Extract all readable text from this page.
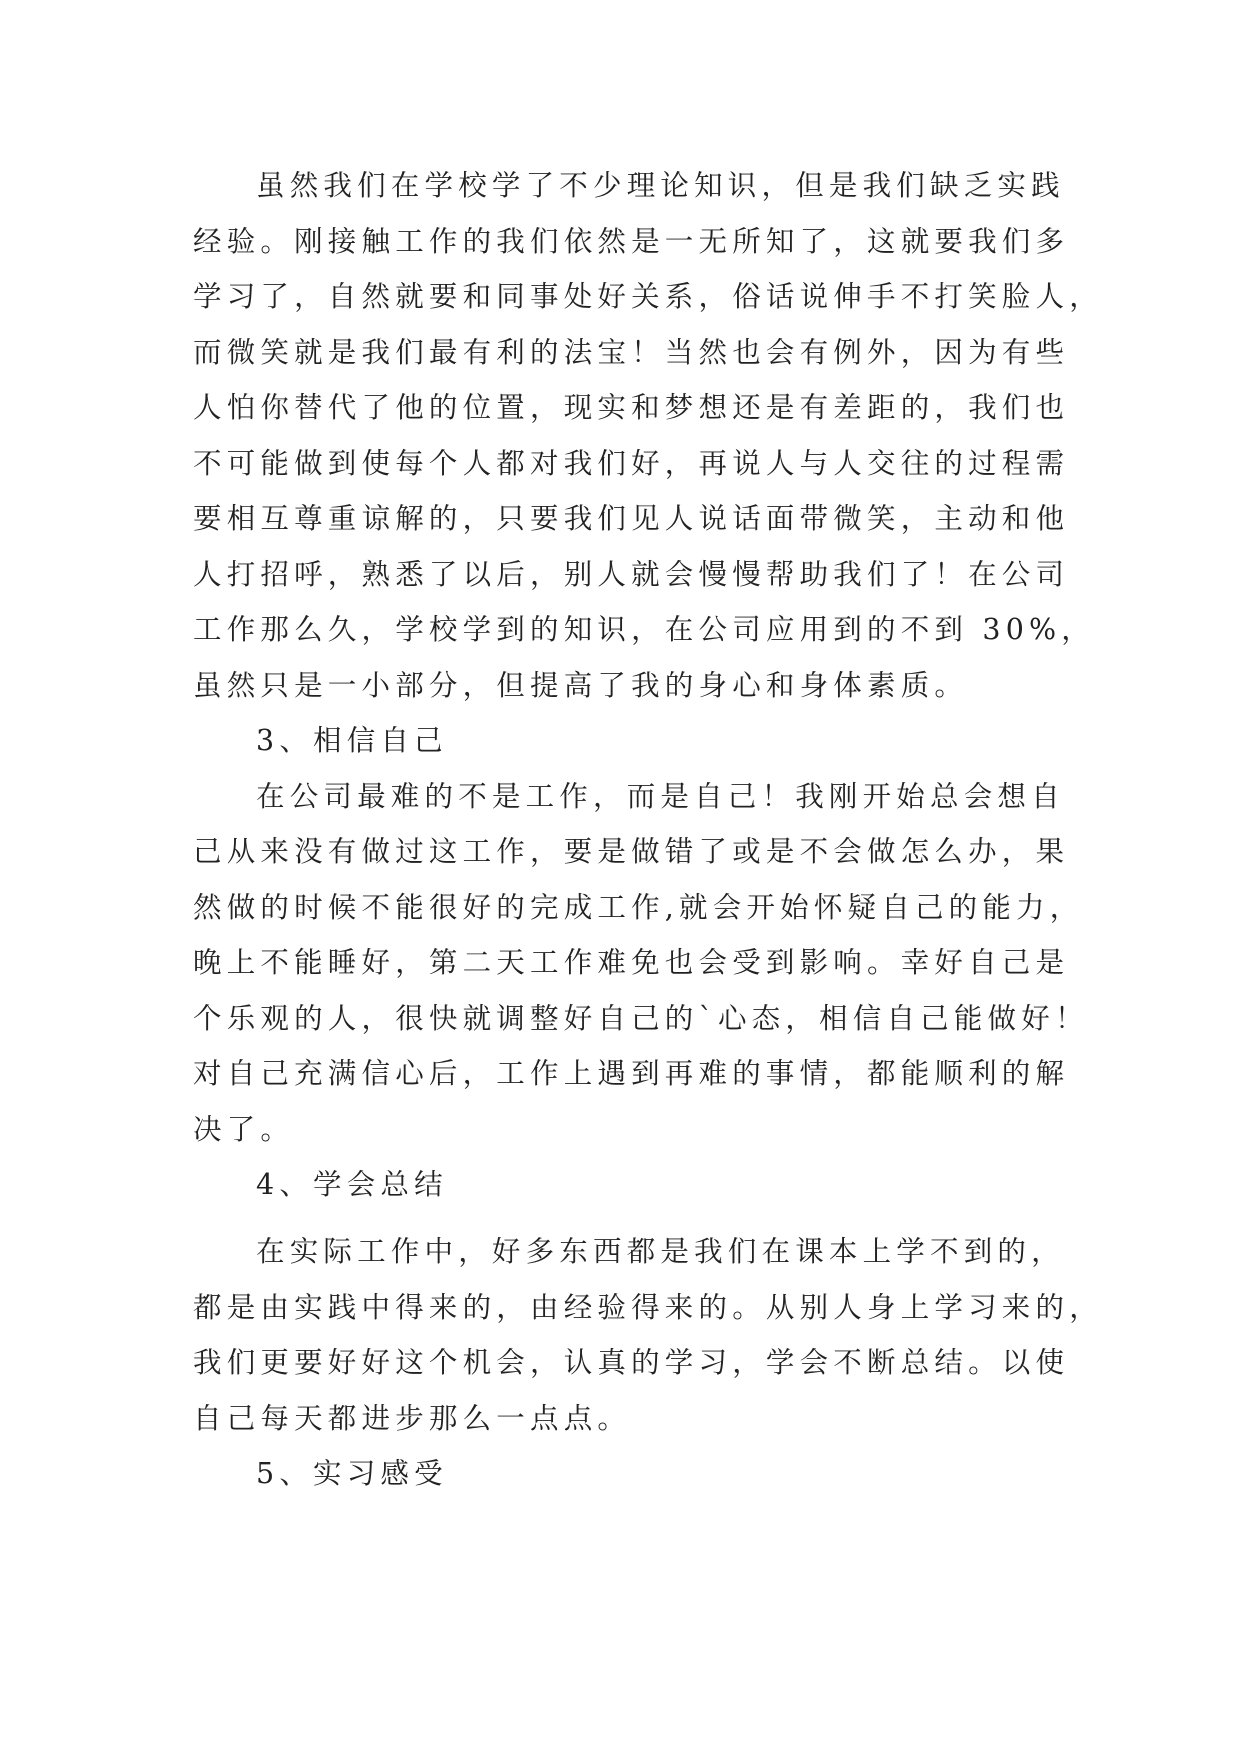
虽然我们在学校学了不少理论知识，但是我们缺乏实践
经验。刚接触工作的我们依然是一无所知了，这就要我们多
学习了，自然就要和同事处好关系，俗话说伸手不打笑脸人，
而微笑就是我们最有利的法宝！当然也会有例外，因为有些
人怕你替代了他的位置，现实和梦想还是有差距的，我们也
不可能做到使每个人都对我们好，再说人与人交往的过程需
要相互尊重谅解的，只要我们见人说话面带微笑，主动和他
人打招呼，熟悉了以后，别人就会慢慢帮助我们了！在公司
工作那么久，学校学到的知识，在公司应用到的不到 30%，
虽然只是一小部分，但提高了我的身心和身体素质。
3、相信自己
在公司最难的不是工作，而是自己！我刚开始总会想自
己从来没有做过这工作，要是做错了或是不会做怎么办，果
然做的时候不能很好的完成工作,就会开始怀疑自己的能力，
晚上不能睡好，第二天工作难免也会受到影响。幸好自己是
个乐观的人，很快就调整好自己的`心态，相信自己能做好！
对自己充满信心后，工作上遇到再难的事情，都能顺利的解
决了。
4、学会总结
在实际工作中，好多东西都是我们在课本上学不到的，
都是由实践中得来的，由经验得来的。从别人身上学习来的，
我们更要好好这个机会，认真的学习，学会不断总结。以使
自己每天都进步那么一点点。
5、实习感受
